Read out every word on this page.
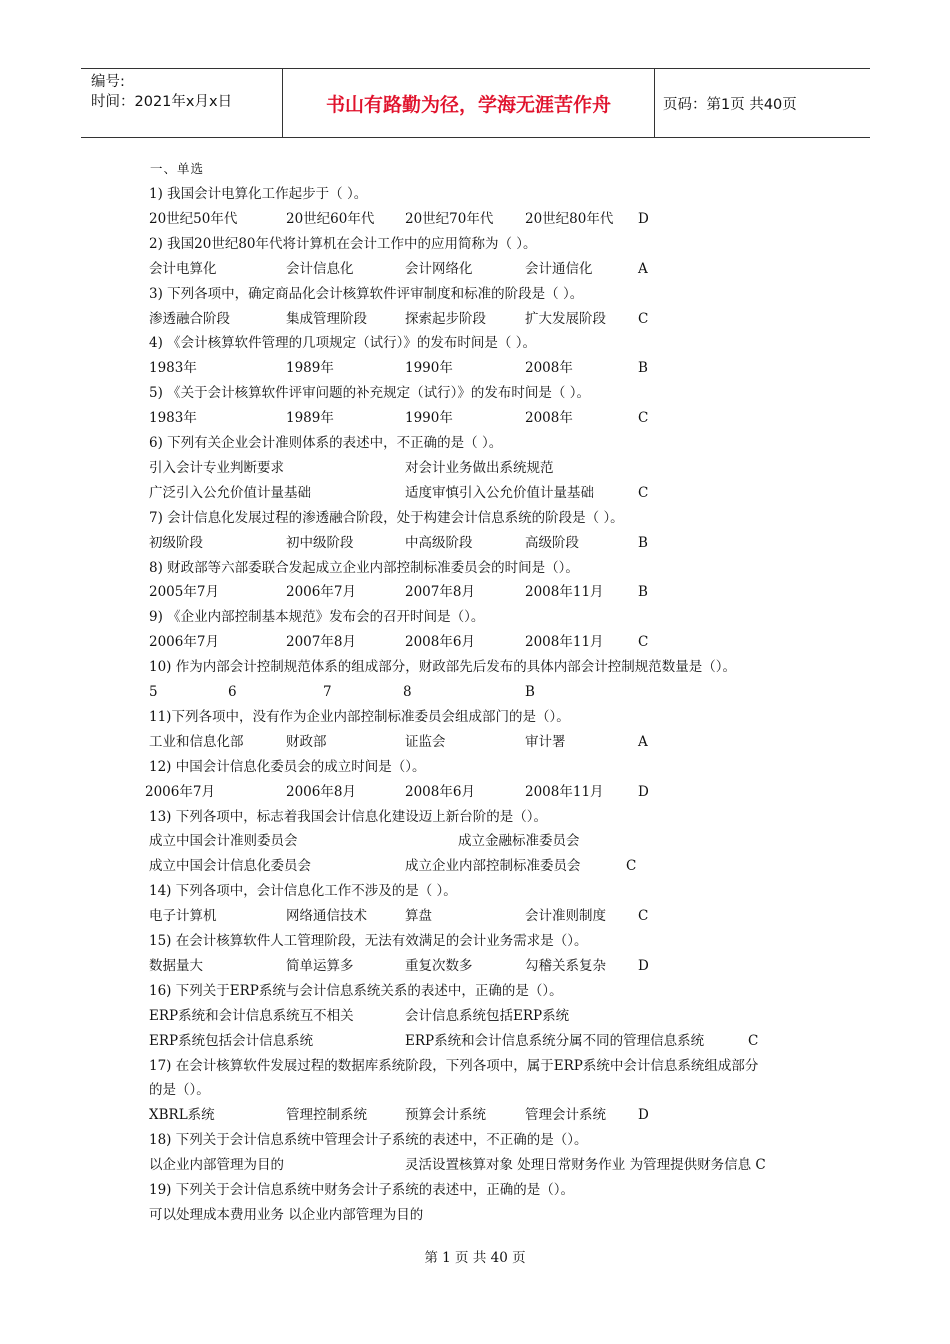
编号:
时间：2021年x月x日	书山有路勤为径，学海无涯苦作舟	页码：第1页 共40页
一、单选
1) 我国会计电算化工作起步于（ ）。
20世纪50年代	20世纪60年代 20世纪70年代 20世纪80年代 D
2) 我国20世纪80年代将计算机在会计工作中的应用简称为（ ）。
会计电算化	会计信息化	会计网络化	会计通信化	A
3) 下列各项中，确定商品化会计核算软件评审制度和标准的阶段是（ ）。
渗透融合阶段	集成管理阶段	探索起步阶段	扩大发展阶段 C
4) 《会计核算软件管理的几项规定（试行）》的发布时间是（ ）。
1983年	1989年	1990年	2008年	B
5) 《关于会计核算软件评审问题的补充规定（试行）》的发布时间是（ ）。
1983年	1989年	1990年	2008年	C
6) 下列有关企业会计准则体系的表述中，不正确的是（ ）。
引入会计专业判断要求	对会计业务做出系统规范
广泛引入公允价值计量基础	适度审慎引入公允价值计量基础	C
7) 会计信息化发展过程的渗透融合阶段，处于构建会计信息系统的阶段是（ ）。
初级阶段	初中级阶段	中高级阶段	高级阶段	B
8) 财政部等六部委联合发起成立企业内部控制标准委员会的时间是（）。
2005年7月	2006年7月	2007年8月	2008年11月	B
9) 《企业内部控制基本规范》发布会的召开时间是（）。
2006年7月	2007年8月	2008年6月	2008年11月	C
10) 作为内部会计控制规范体系的组成部分，财政部先后发布的具体内部会计控制规范数量是（）。
5	6	7	8	B
11)下列各项中，没有作为企业内部控制标准委员会组成部门的是（）。
工业和信息化部	财政部	证监会	审计署	A
12) 中国会计信息化委员会的成立时间是（）。
2006年7月	2006年8月	2008年6月	2008年11月	D
13) 下列各项中，标志着我国会计信息化建设迈上新台阶的是（）。
成立中国会计准则委员会	成立金融标准委员会
成立中国会计信息化委员会	成立企业内部控制标准委员会	C
14) 下列各项中，会计信息化工作不涉及的是（ ）。
电子计算机	网络通信技术	算盘	会计准则制度 C
15) 在会计核算软件人工管理阶段，无法有效满足的会计业务需求是（）。
数据量大	简单运算多	重复次数多	勾稽关系复杂 D
16) 下列关于ERP系统与会计信息系统关系的表述中，正确的是（）。
ERP系统和会计信息系统互不相关	会计信息系统包括ERP系统
ERP系统包括会计信息系统	ERP系统和会计信息系统分属不同的管理信息系统	C
17) 在会计核算软件发展过程的数据库系统阶段，下列各项中，属于ERP系统中会计信息系统组成部分
的是（）。
XBRL系统	管理控制系统	预算会计系统	管理会计系统 D
18) 下列关于会计信息系统中管理会计子系统的表述中，不正确的是（）。
以企业内部管理为目的	灵活设置核算对象 处理日常财务作业 为管理提供财务信息 C
19) 下列关于会计信息系统中财务会计子系统的表述中，正确的是（）。
可以处理成本费用业务 以企业内部管理为目的
第 1 页 共 40 页
